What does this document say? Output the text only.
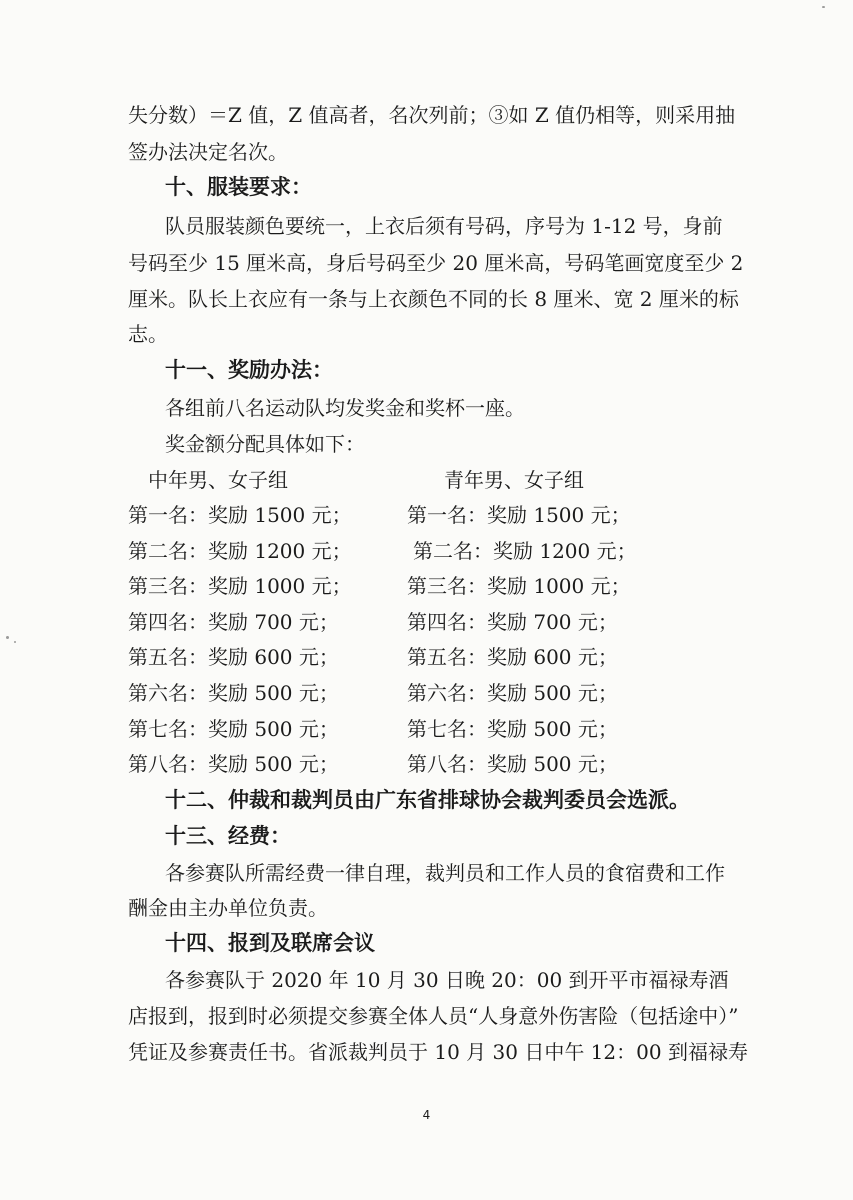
失分数）＝Z 值，Z 值高者，名次列前；③如 Z 值仍相等，则采用抽
签办法决定名次。
十、服装要求：
队员服装颜色要统一，上衣后须有号码，序号为 1-12 号，身前
号码至少 15 厘米高，身后号码至少 20 厘米高，号码笔画宽度至少 2
厘米。队长上衣应有一条与上衣颜色不同的长 8 厘米、宽 2 厘米的标
志。
十一、奖励办法：
各组前八名运动队均发奖金和奖杯一座。
奖金额分配具体如下：
中年男、女子组	青年男、女子组
第一名：奖励 1500 元；	第一名：奖励 1500 元；
第二名：奖励 1200 元；	第二名：奖励 1200 元；
第三名：奖励 1000 元；	第三名：奖励 1000 元；
第四名：奖励 700 元；	第四名：奖励 700 元；
第五名：奖励 600 元；	第五名：奖励 600 元；
第六名：奖励 500 元；	第六名：奖励 500 元；
第七名：奖励 500 元；	第七名：奖励 500 元；
第八名：奖励 500 元；	第八名：奖励 500 元；
十二、仲裁和裁判员由广东省排球协会裁判委员会选派。
十三、经费：
各参赛队所需经费一律自理，裁判员和工作人员的食宿费和工作
酬金由主办单位负责。
十四、报到及联席会议
各参赛队于 2020 年 10 月 30 日晚 20：00 到开平市福禄寿酒
店报到，报到时必须提交参赛全体人员“人身意外伤害险（包括途中）”
凭证及参赛责任书。省派裁判员于 10 月 30 日中午 12：00 到福禄寿
4
